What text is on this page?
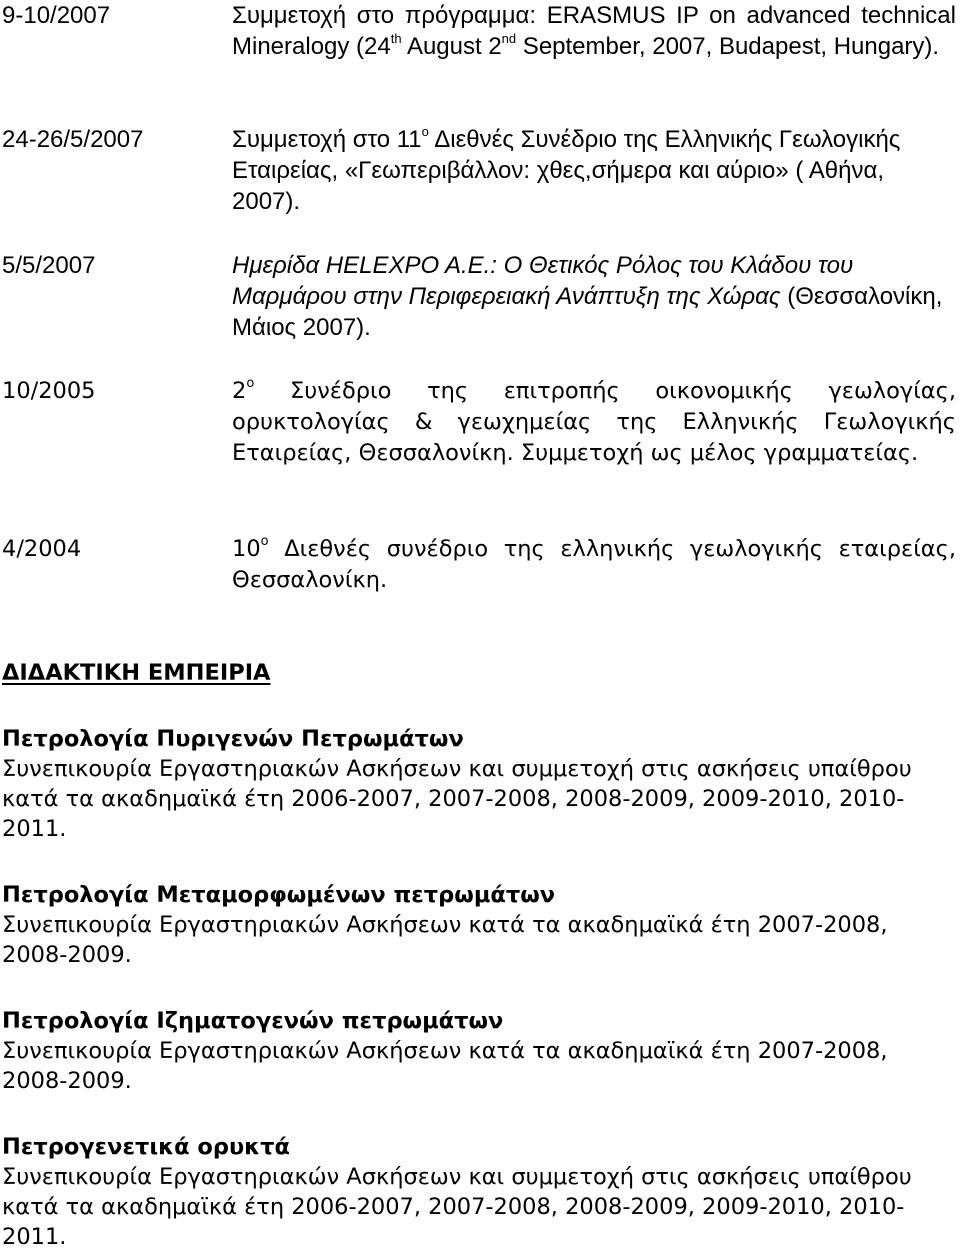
9-10/2007	Συμμετοχή στο πρόγραμμα: ERASMUS IP on advanced technical Mineralogy (24th August 2nd September, 2007, Budapest, Hungary).
24-26/5/2007	Συμμετοχή στο $11^o$ Διεθνές Συνέδριο της Ελληνικής Γεωλογικής Εταιρείας, «Γεωπεριβάλλον: χθες,σήμερα και αύριο» ( Αθήνα, 2007).
5/5/2007	Ημερίδα HELEXPO A.E.: Ο Θετικός Ρόλος του Κλάδου του Μαρμάρου στην Περιφερειακή Ανάπτυξη της Χώρας (Θεσσαλονίκη, Μάιος 2007).
10/2005	$2^o$ Συνέδριο της επιτροπής οικονομικής γεωλογίας, ορυκτολογίας & γεωχημείας της Ελληνικής Γεωλογικής Εταιρείας, Θεσσαλονίκη. Συμμετοχή ως μέλος γραμματείας.
4/2004	$10^o$ Διεθνές συνέδριο της ελληνικής γεωλογικής εταιρείας, Θεσσαλονίκη.
ΔΙΔΑΚΤΙΚΗ ΕΜΠΕΙΡΙΑ
Πετρολογία Πυριγενών Πετρωμάτων
Συνεπικουρία Εργαστηριακών Ασκήσεων και συμμετοχή στις ασκήσεις υπαίθρου κατά τα ακαδημαϊκά έτη 2006-2007, 2007-2008, 2008-2009, 2009-2010, 2010-2011.
Πετρολογία Μεταμορφωμένων πετρωμάτων
Συνεπικουρία Εργαστηριακών Ασκήσεων κατά τα ακαδημαϊκά έτη 2007-2008, 2008-2009.
Πετρολογία Ιζηματογενών πετρωμάτων
Συνεπικουρία Εργαστηριακών Ασκήσεων κατά τα ακαδημαϊκά έτη 2007-2008, 2008-2009.
Πετρογενετικά ορυκτά
Συνεπικουρία Εργαστηριακών Ασκήσεων και συμμετοχή στις ασκήσεις υπαίθρου κατά τα ακαδημαϊκά έτη 2006-2007, 2007-2008, 2008-2009, 2009-2010, 2010-2011.
